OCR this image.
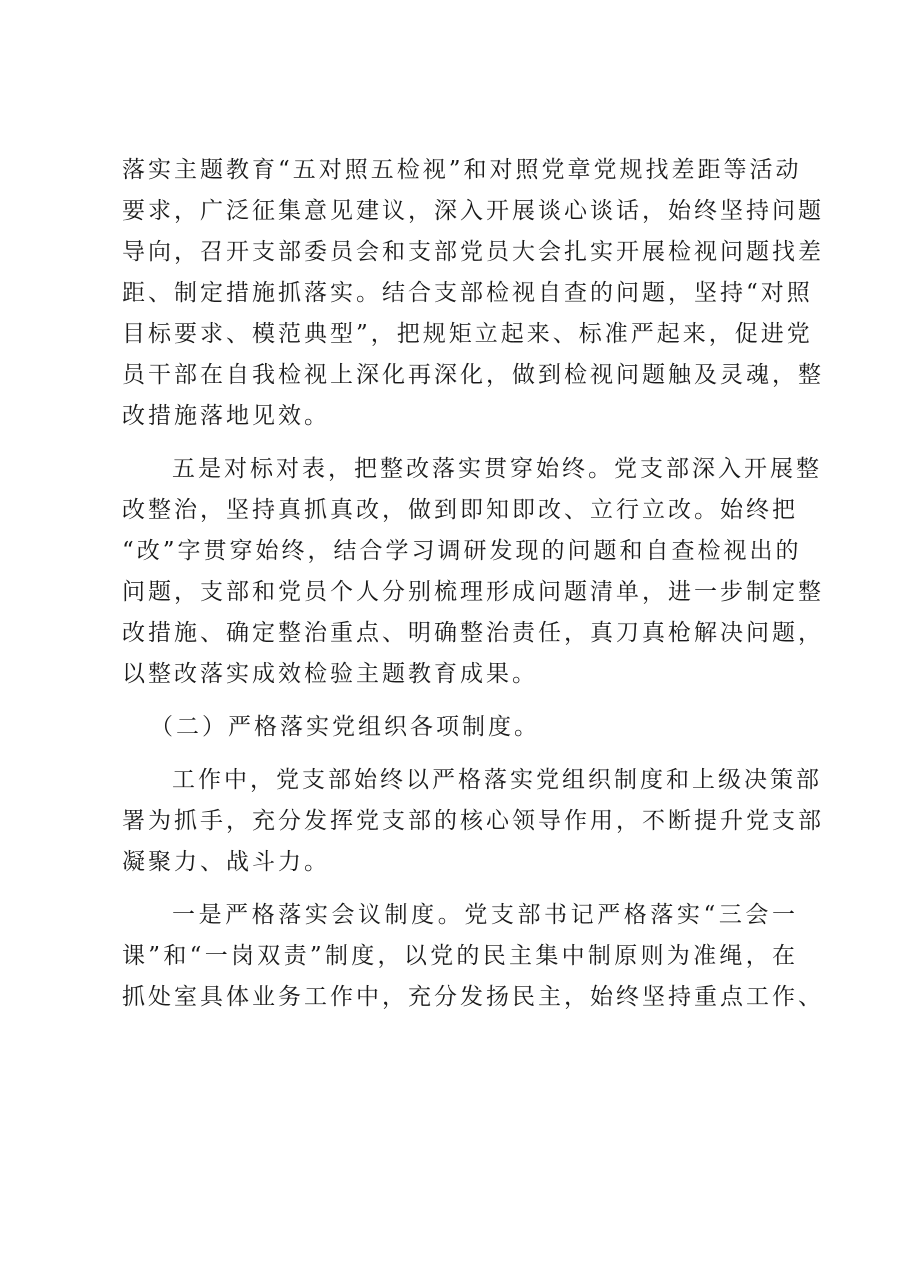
落实主题教育“五对照五检视”和对照党章党规找差距等活动
要求，广泛征集意见建议，深入开展谈心谈话，始终坚持问题
导向，召开支部委员会和支部党员大会扎实开展检视问题找差
距、制定措施抓落实。结合支部检视自查的问题，坚持“对照
目标要求、模范典型”，把规矩立起来、标准严起来，促进党
员干部在自我检视上深化再深化，做到检视问题触及灵魂，整
改措施落地见效。
五是对标对表，把整改落实贯穿始终。党支部深入开展整
改整治，坚持真抓真改，做到即知即改、立行立改。始终把
“改”字贯穿始终，结合学习调研发现的问题和自查检视出的
问题，支部和党员个人分别梳理形成问题清单，进一步制定整
改措施、确定整治重点、明确整治责任，真刀真枪解决问题，
以整改落实成效检验主题教育成果。
（二）严格落实党组织各项制度。
工作中，党支部始终以严格落实党组织制度和上级决策部
署为抓手，充分发挥党支部的核心领导作用，不断提升党支部
凝聚力、战斗力。
一是严格落实会议制度。党支部书记严格落实“三会一
课”和“一岗双责”制度，以党的民主集中制原则为准绳，在
抓处室具体业务工作中，充分发扬民主，始终坚持重点工作、
